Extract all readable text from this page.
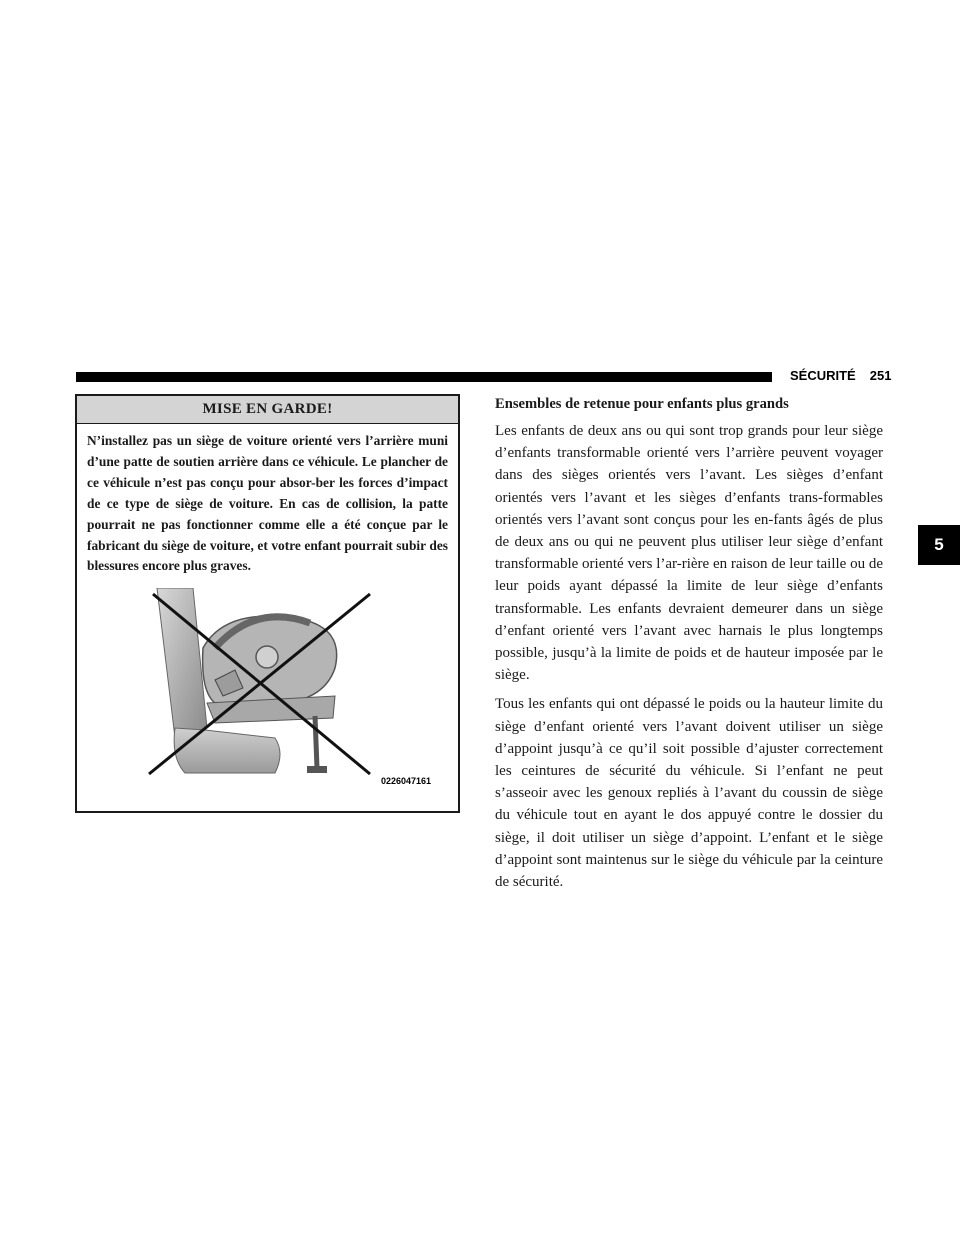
SÉCURITÉ 251
5
MISE EN GARDE!
N’installez pas un siège de voiture orienté vers l’arrière muni d’une patte de soutien arrière dans ce véhicule. Le plancher de ce véhicule n’est pas conçu pour absor-ber les forces d’impact de ce type de siège de voiture. En cas de collision, la patte pourrait ne pas fonctionner comme elle a été conçue par le fabricant du siège de voiture, et votre enfant pourrait subir des blessures encore plus graves.
0226047161
Ensembles de retenue pour enfants plus grands

Les enfants de deux ans ou qui sont trop grands pour leur siège d’enfants transformable orienté vers l’arrière peuvent voyager dans des sièges orientés vers l’avant. Les sièges d’enfant orientés vers l’avant et les sièges d’enfants trans-formables orientés vers l’avant sont conçus pour les en-fants âgés de plus de deux ans ou qui ne peuvent plus utiliser leur siège d’enfant transformable orienté vers l’ar-rière en raison de leur taille ou de leur poids ayant dépassé la limite de leur siège d’enfants transformable. Les enfants devraient demeurer dans un siège d’enfant orienté vers l’avant avec harnais le plus longtemps possible, jusqu’à la limite de poids et de hauteur imposée par le siège.

Tous les enfants qui ont dépassé le poids ou la hauteur limite du siège d’enfant orienté vers l’avant doivent utiliser un siège d’appoint jusqu’à ce qu’il soit possible d’ajuster correctement les ceintures de sécurité du véhicule. Si l’enfant ne peut s’asseoir avec les genoux repliés à l’avant du coussin de siège du véhicule tout en ayant le dos appuyé contre le dossier du siège, il doit utiliser un siège d’appoint. L’enfant et le siège d’appoint sont maintenus sur le siège du véhicule par la ceinture de sécurité.
